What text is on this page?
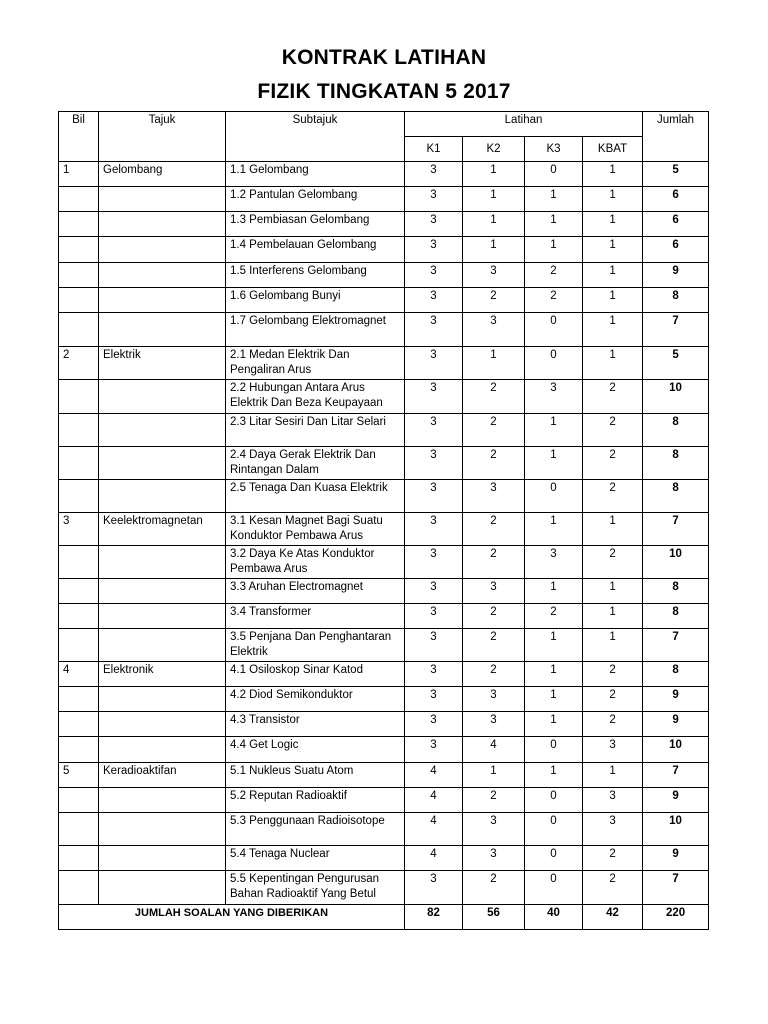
KONTRAK LATIHAN
FIZIK TINGKATAN 5 2017
Bil	Tajuk	Subtajuk	Latihan				Jumlah
			K1	K2	K3	KBAT	
1	Gelombang	1.1 Gelombang	3	1	0	1	5
		1.2 Pantulan Gelombang	3	1	1	1	6
		1.3 Pembiasan Gelombang	3	1	1	1	6
		1.4 Pembelauan Gelombang	3	1	1	1	6
		1.5 Interferens Gelombang	3	3	2	1	9
		1.6 Gelombang Bunyi	3	2	2	1	8
		1.7 Gelombang Elektromagnet	3	3	0	1	7
2	Elektrik	2.1 Medan Elektrik Dan Pengaliran Arus	3	1	0	1	5
		2.2 Hubungan Antara Arus Elektrik Dan Beza Keupayaan	3	2	3	2	10
		2.3 Litar Sesiri Dan Litar Selari	3	2	1	2	8
		2.4 Daya Gerak Elektrik Dan Rintangan Dalam	3	2	1	2	8
		2.5 Tenaga Dan Kuasa Elektrik	3	3	0	2	8
3	Keelektromagnetan	3.1 Kesan Magnet Bagi Suatu Konduktor Pembawa Arus	3	2	1	1	7
		3.2 Daya Ke Atas Konduktor Pembawa Arus	3	2	3	2	10
		3.3 Aruhan Electromagnet	3	3	1	1	8
		3.4 Transformer	3	2	2	1	8
		3.5 Penjana Dan Penghantaran Elektrik	3	2	1	1	7
4	Elektronik	4.1 Osiloskop Sinar Katod	3	2	1	2	8
		4.2 Diod Semikonduktor	3	3	1	2	9
		4.3 Transistor	3	3	1	2	9
		4.4 Get Logic	3	4	0	3	10
5	Keradioaktifan	5.1 Nukleus Suatu Atom	4	1	1	1	7
		5.2 Reputan Radioaktif	4	2	0	3	9
		5.3 Penggunaan Radioisotope	4	3	0	3	10
		5.4 Tenaga Nuclear	4	3	0	2	9
		5.5 Kepentingan Pengurusan Bahan Radioaktif Yang Betul	3	2	0	2	7
JUMLAH SOALAN YANG DIBERIKAN			82	56	40	42	220
